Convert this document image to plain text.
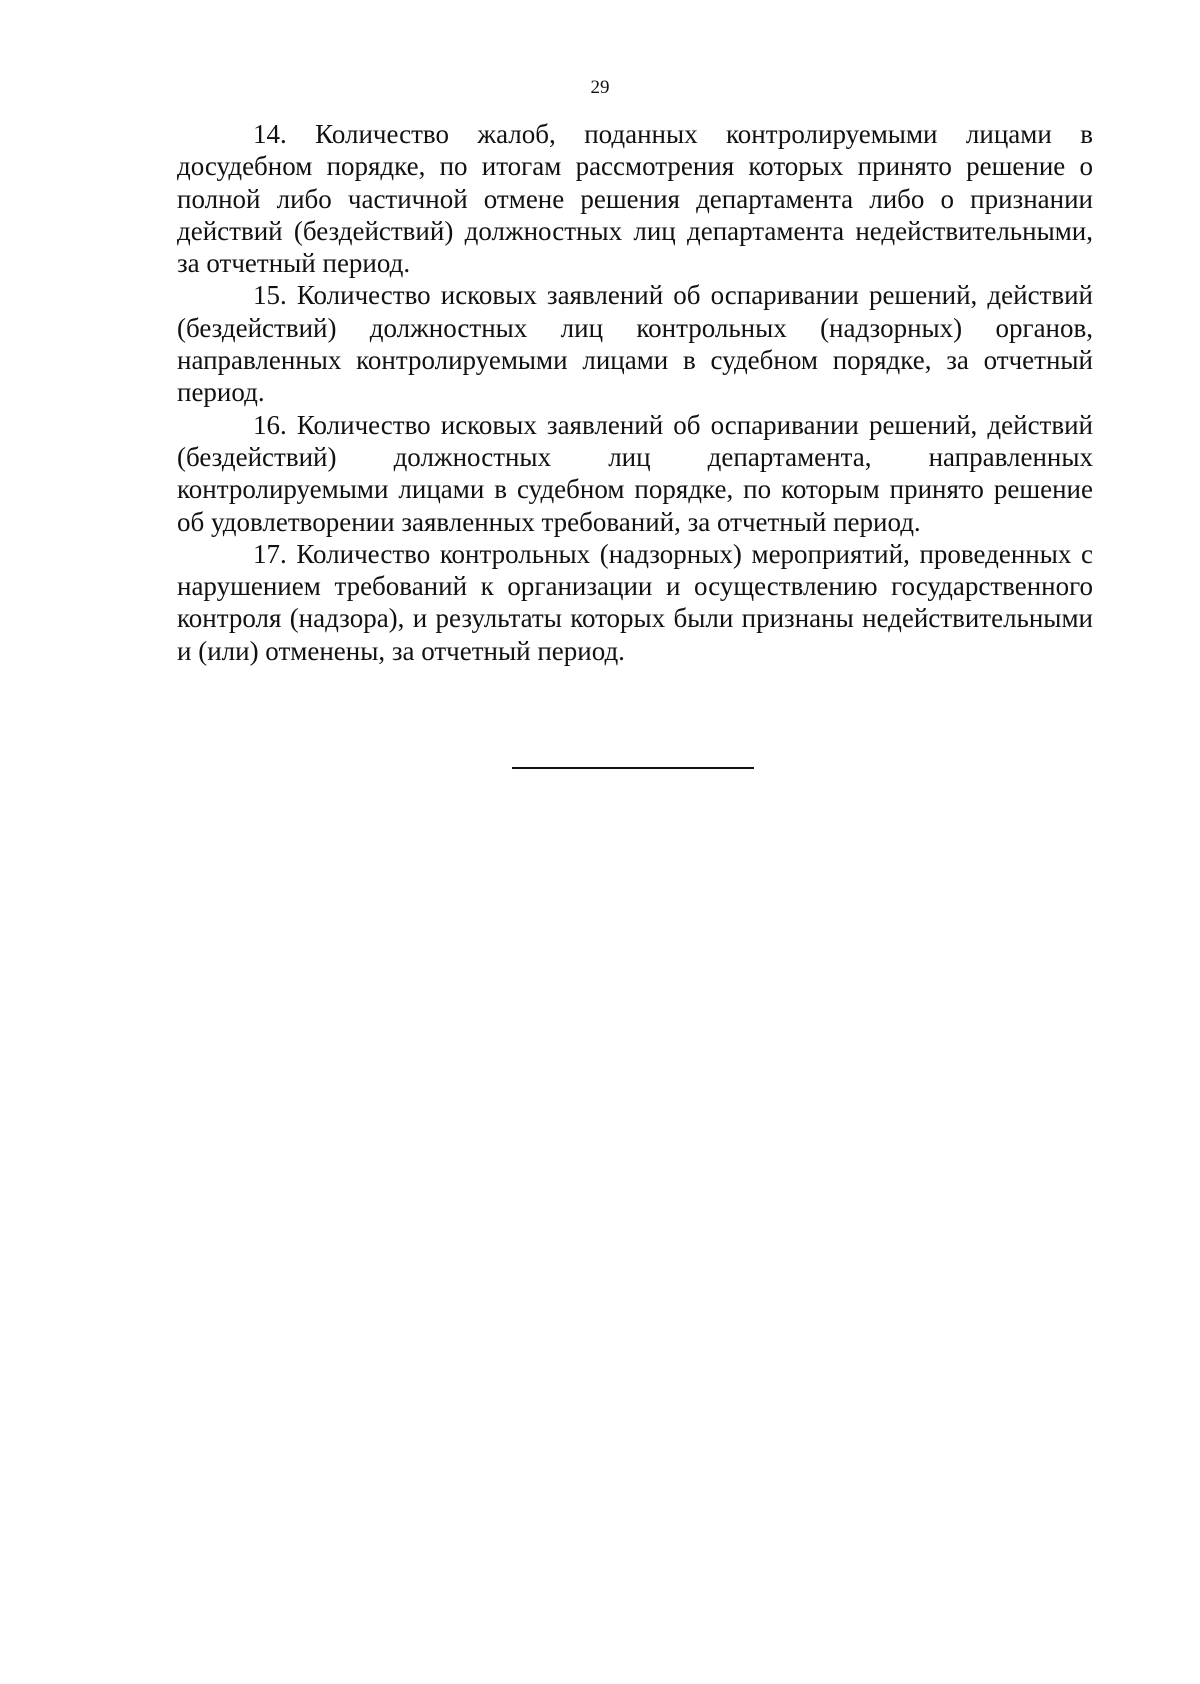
29

14. Количество жалоб, поданных контролируемыми лицами в досудебном порядке, по итогам рассмотрения которых принято решение о полной либо частичной отмене решения департамента либо о признании действий (бездействий) должностных лиц департамента недействительными, за отчетный период.

15. Количество исковых заявлений об оспаривании решений, действий (бездействий) должностных лиц контрольных (надзорных) органов, направленных контролируемыми лицами в судебном порядке, за отчетный период.

16. Количество исковых заявлений об оспаривании решений, действий (бездействий) должностных лиц департамента, направленных контролируемыми лицами в судебном порядке, по которым принято решение об удовлетворении заявленных требований, за отчетный период.

17. Количество контрольных (надзорных) мероприятий, проведенных с нарушением требований к организации и осуществлению государственного контроля (надзора), и результаты которых были признаны недействительными и (или) отменены, за отчетный период.
